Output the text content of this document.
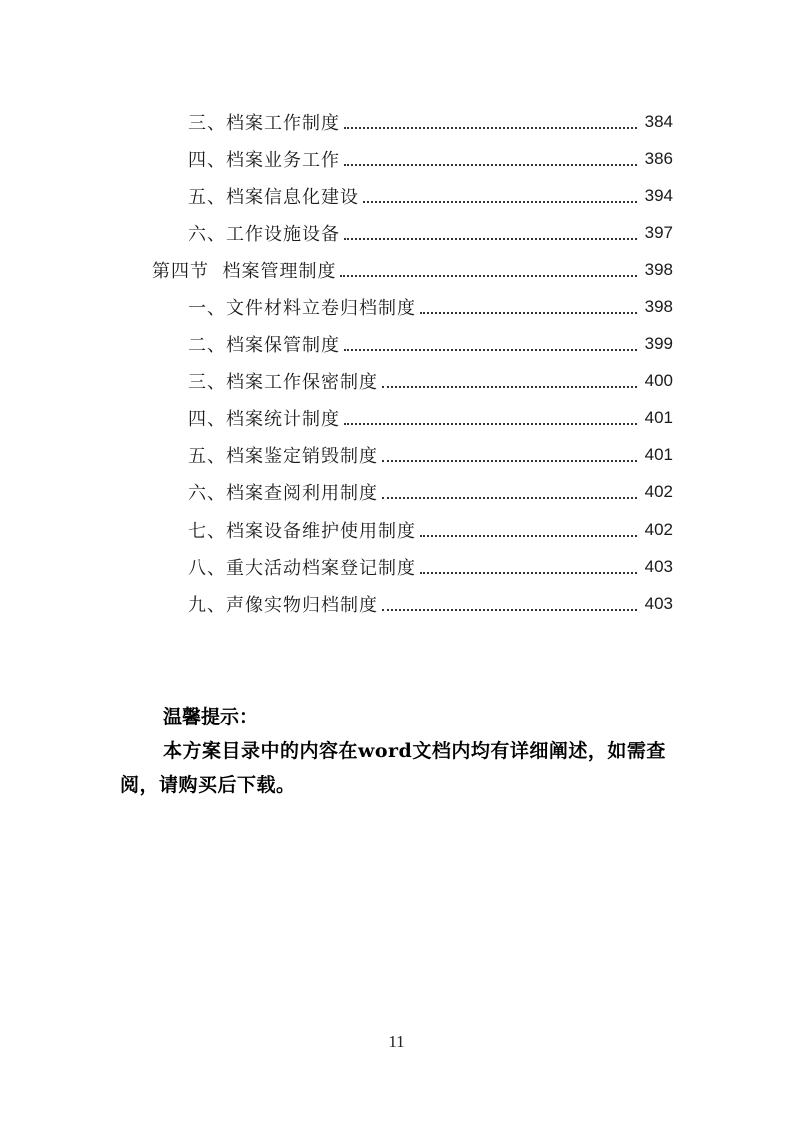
三、档案工作制度	384
四、档案业务工作	386
五、档案信息化建设	394
六、工作设施设备	397
第四节  档案管理制度	398
一、文件材料立卷归档制度	398
二、档案保管制度	399
三、档案工作保密制度	400
四、档案统计制度	401
五、档案鉴定销毁制度	401
六、档案查阅利用制度	402
七、档案设备维护使用制度	402
八、重大活动档案登记制度	403
九、声像实物归档制度	403

温馨提示：

本方案目录中的内容在word文档内均有详细阐述，如需查阅，请购买后下载。

11
